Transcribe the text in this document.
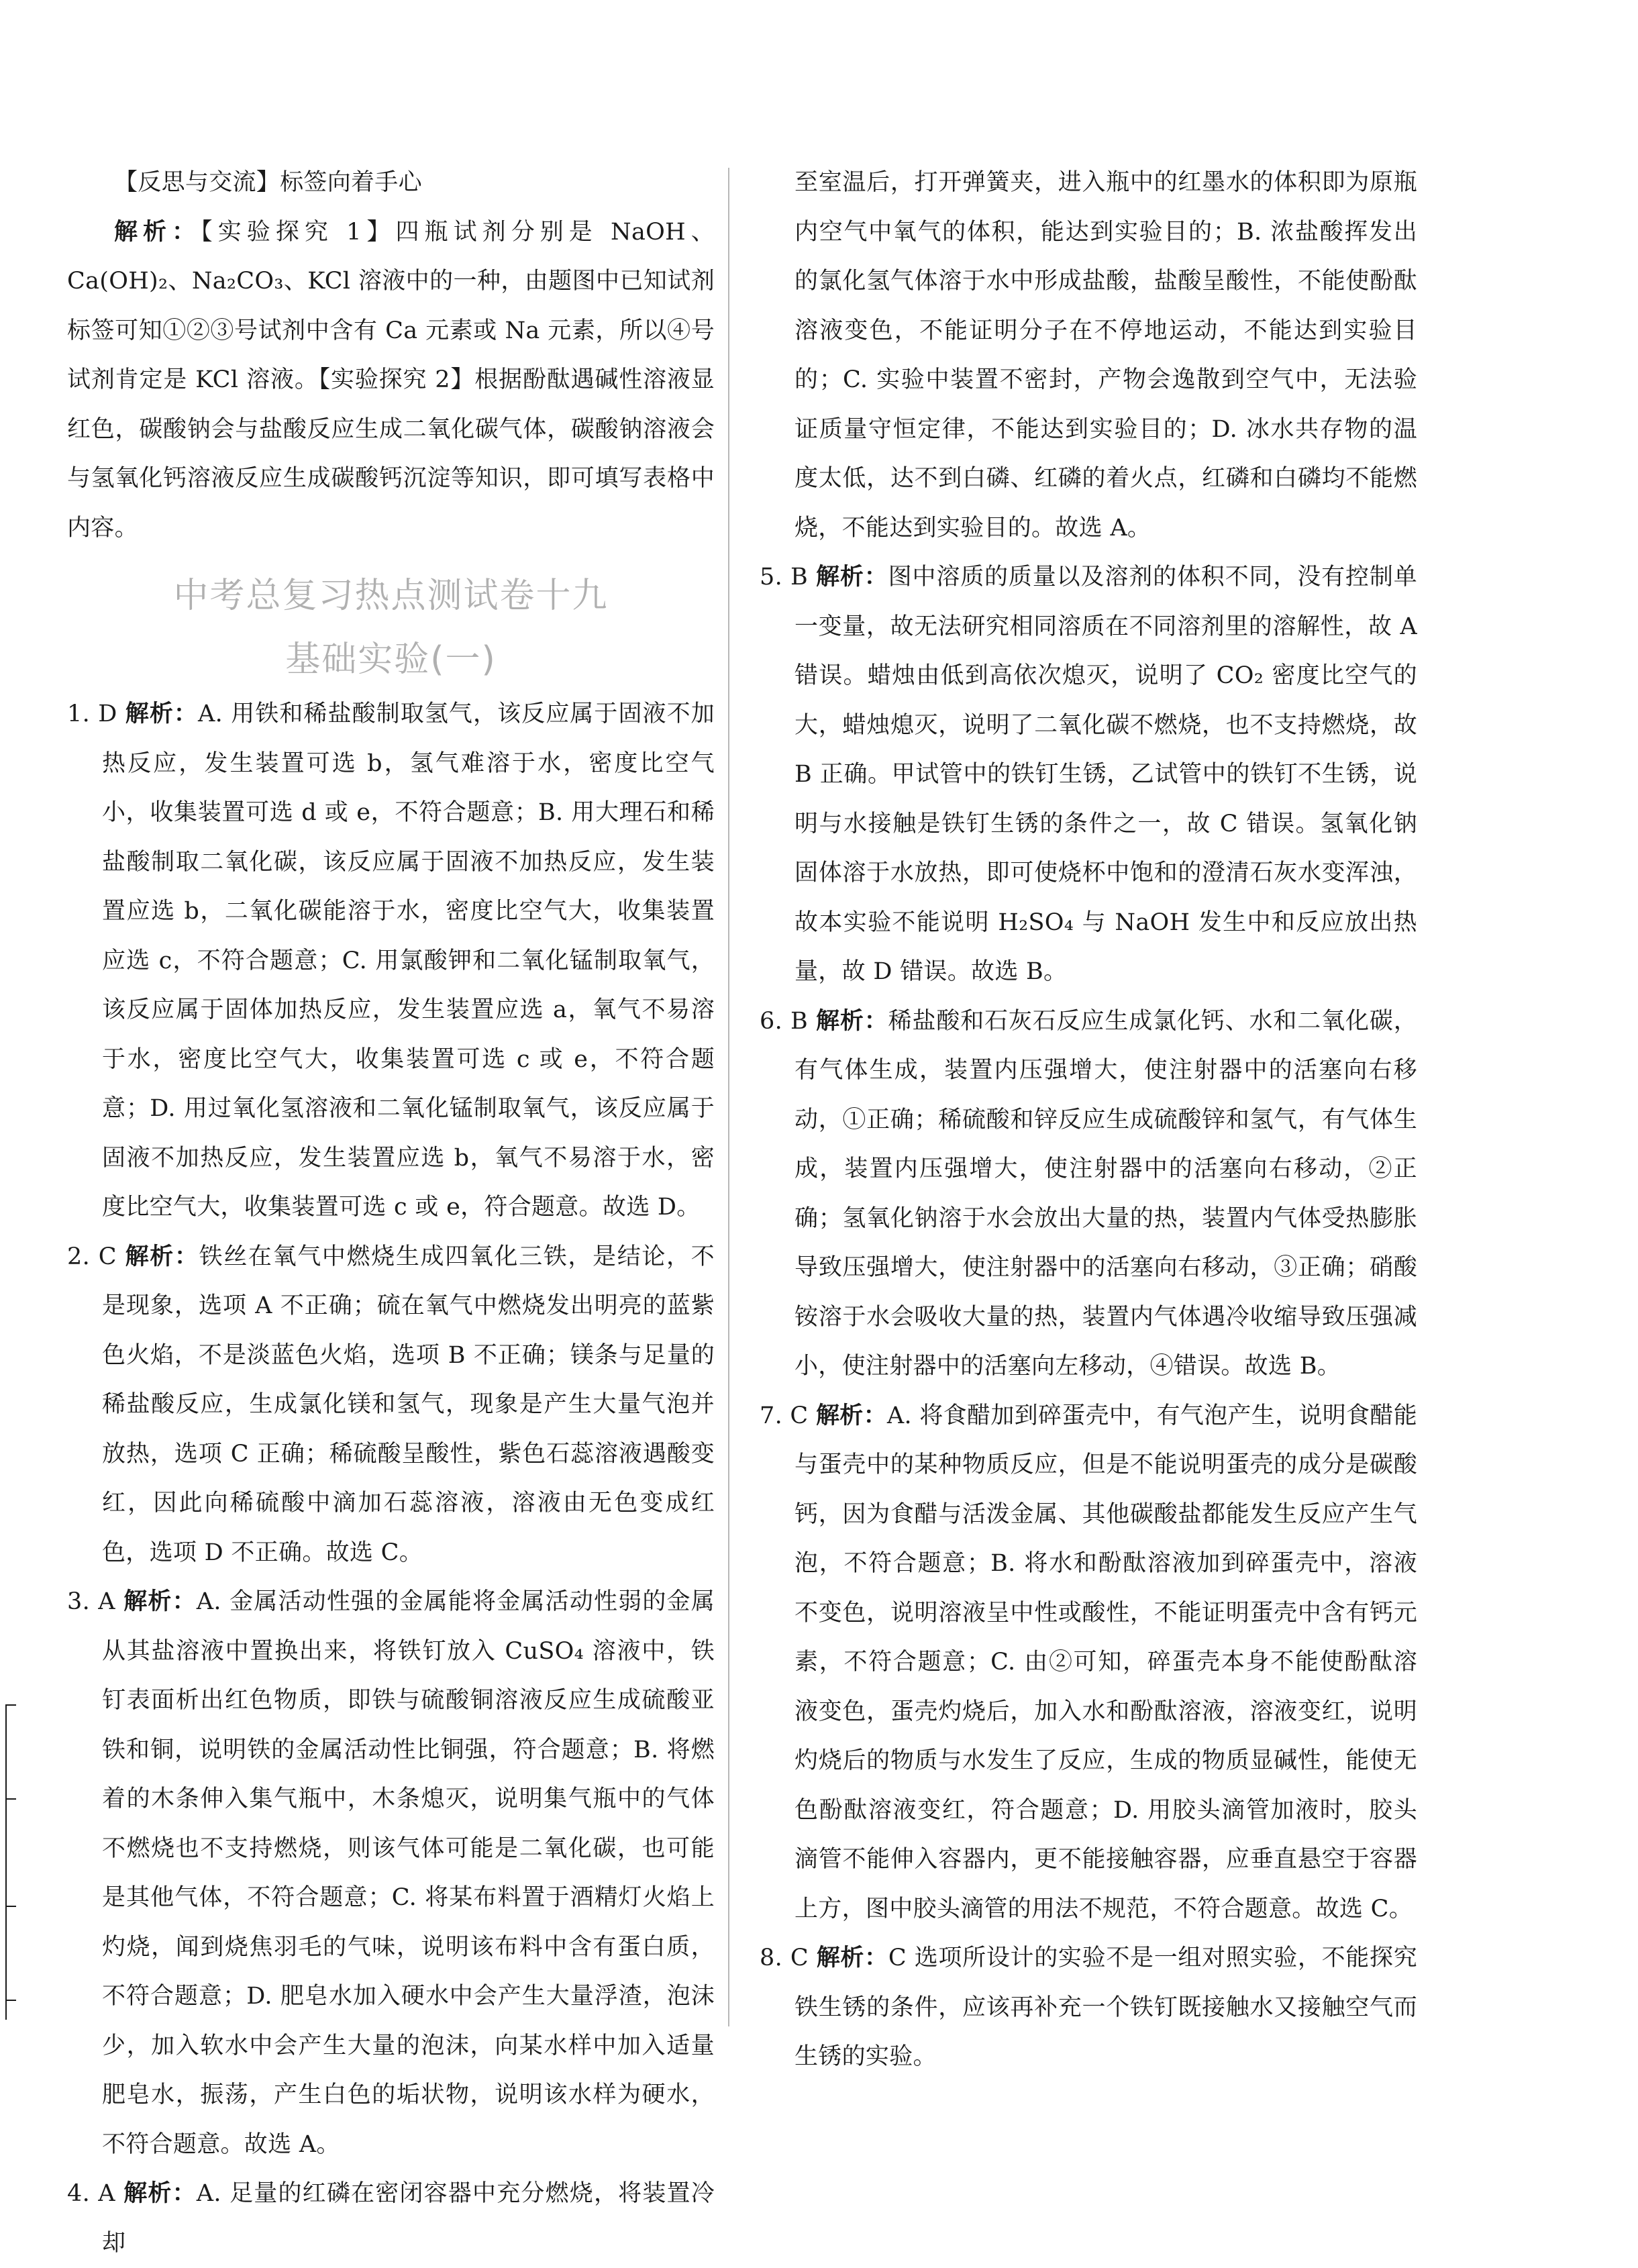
【反思与交流】标签向着手心

解析：【实验探究 1】四瓶试剂分别是 NaOH、Ca(OH)₂、Na₂CO₃、KCl 溶液中的一种，由题图中已知试剂标签可知①②③号试剂中含有 Ca 元素或 Na 元素，所以④号试剂肯定是 KCl 溶液。【实验探究 2】根据酚酞遇碱性溶液显红色，碳酸钠会与盐酸反应生成二氧化碳气体，碳酸钠溶液会与氢氧化钙溶液反应生成碳酸钙沉淀等知识，即可填写表格中内容。

中考总复习热点测试卷十九

基础实验(一)

1. D 解析：A. 用铁和稀盐酸制取氢气，该反应属于固液不加热反应，发生装置可选 b，氢气难溶于水，密度比空气小，收集装置可选 d 或 e，不符合题意；B. 用大理石和稀盐酸制取二氧化碳，该反应属于固液不加热反应，发生装置应选 b，二氧化碳能溶于水，密度比空气大，收集装置应选 c，不符合题意；C. 用氯酸钾和二氧化锰制取氧气，该反应属于固体加热反应，发生装置应选 a，氧气不易溶于水，密度比空气大，收集装置可选 c 或 e，不符合题意；D. 用过氧化氢溶液和二氧化锰制取氧气，该反应属于固液不加热反应，发生装置应选 b，氧气不易溶于水，密度比空气大，收集装置可选 c 或 e，符合题意。故选 D。

2. C 解析：铁丝在氧气中燃烧生成四氧化三铁，是结论，不是现象，选项 A 不正确；硫在氧气中燃烧发出明亮的蓝紫色火焰，不是淡蓝色火焰，选项 B 不正确；镁条与足量的稀盐酸反应，生成氯化镁和氢气，现象是产生大量气泡并放热，选项 C 正确；稀硫酸呈酸性，紫色石蕊溶液遇酸变红，因此向稀硫酸中滴加石蕊溶液，溶液由无色变成红色，选项 D 不正确。故选 C。

3. A 解析：A. 金属活动性强的金属能将金属活动性弱的金属从其盐溶液中置换出来，将铁钉放入 CuSO₄ 溶液中，铁钉表面析出红色物质，即铁与硫酸铜溶液反应生成硫酸亚铁和铜，说明铁的金属活动性比铜强，符合题意；B. 将燃着的木条伸入集气瓶中，木条熄灭，说明集气瓶中的气体不燃烧也不支持燃烧，则该气体可能是二氧化碳，也可能是其他气体，不符合题意；C. 将某布料置于酒精灯火焰上灼烧，闻到烧焦羽毛的气味，说明该布料中含有蛋白质，不符合题意；D. 肥皂水加入硬水中会产生大量浮渣，泡沫少，加入软水中会产生大量的泡沫，向某水样中加入适量肥皂水，振荡，产生白色的垢状物，说明该水样为硬水，不符合题意。故选 A。

4. A 解析：A. 足量的红磷在密闭容器中充分燃烧，将装置冷却

至室温后，打开弹簧夹，进入瓶中的红墨水的体积即为原瓶内空气中氧气的体积，能达到实验目的；B. 浓盐酸挥发出的氯化氢气体溶于水中形成盐酸，盐酸呈酸性，不能使酚酞溶液变色，不能证明分子在不停地运动，不能达到实验目的；C. 实验中装置不密封，产物会逸散到空气中，无法验证质量守恒定律，不能达到实验目的；D. 冰水共存物的温度太低，达不到白磷、红磷的着火点，红磷和白磷均不能燃烧，不能达到实验目的。故选 A。

5. B 解析：图中溶质的质量以及溶剂的体积不同，没有控制单一变量，故无法研究相同溶质在不同溶剂里的溶解性，故 A 错误。蜡烛由低到高依次熄灭，说明了 CO₂ 密度比空气的大，蜡烛熄灭，说明了二氧化碳不燃烧，也不支持燃烧，故 B 正确。甲试管中的铁钉生锈，乙试管中的铁钉不生锈，说明与水接触是铁钉生锈的条件之一，故 C 错误。氢氧化钠固体溶于水放热，即可使烧杯中饱和的澄清石灰水变浑浊，故本实验不能说明 H₂SO₄ 与 NaOH 发生中和反应放出热量，故 D 错误。故选 B。

6. B 解析：稀盐酸和石灰石反应生成氯化钙、水和二氧化碳，有气体生成，装置内压强增大，使注射器中的活塞向右移动，①正确；稀硫酸和锌反应生成硫酸锌和氢气，有气体生成，装置内压强增大，使注射器中的活塞向右移动，②正确；氢氧化钠溶于水会放出大量的热，装置内气体受热膨胀导致压强增大，使注射器中的活塞向右移动，③正确；硝酸铵溶于水会吸收大量的热，装置内气体遇冷收缩导致压强减小，使注射器中的活塞向左移动，④错误。故选 B。

7. C 解析：A. 将食醋加到碎蛋壳中，有气泡产生，说明食醋能与蛋壳中的某种物质反应，但是不能说明蛋壳的成分是碳酸钙，因为食醋与活泼金属、其他碳酸盐都能发生反应产生气泡，不符合题意；B. 将水和酚酞溶液加到碎蛋壳中，溶液不变色，说明溶液呈中性或酸性，不能证明蛋壳中含有钙元素，不符合题意；C. 由②可知，碎蛋壳本身不能使酚酞溶液变色，蛋壳灼烧后，加入水和酚酞溶液，溶液变红，说明灼烧后的物质与水发生了反应，生成的物质显碱性，能使无色酚酞溶液变红，符合题意；D. 用胶头滴管加液时，胶头滴管不能伸入容器内，更不能接触容器，应垂直悬空于容器上方，图中胶头滴管的用法不规范，不符合题意。故选 C。

8. C 解析：C 选项所设计的实验不是一组对照实验，不能探究铁生锈的条件，应该再补充一个铁钉既接触水又接触空气而生锈的实验。
